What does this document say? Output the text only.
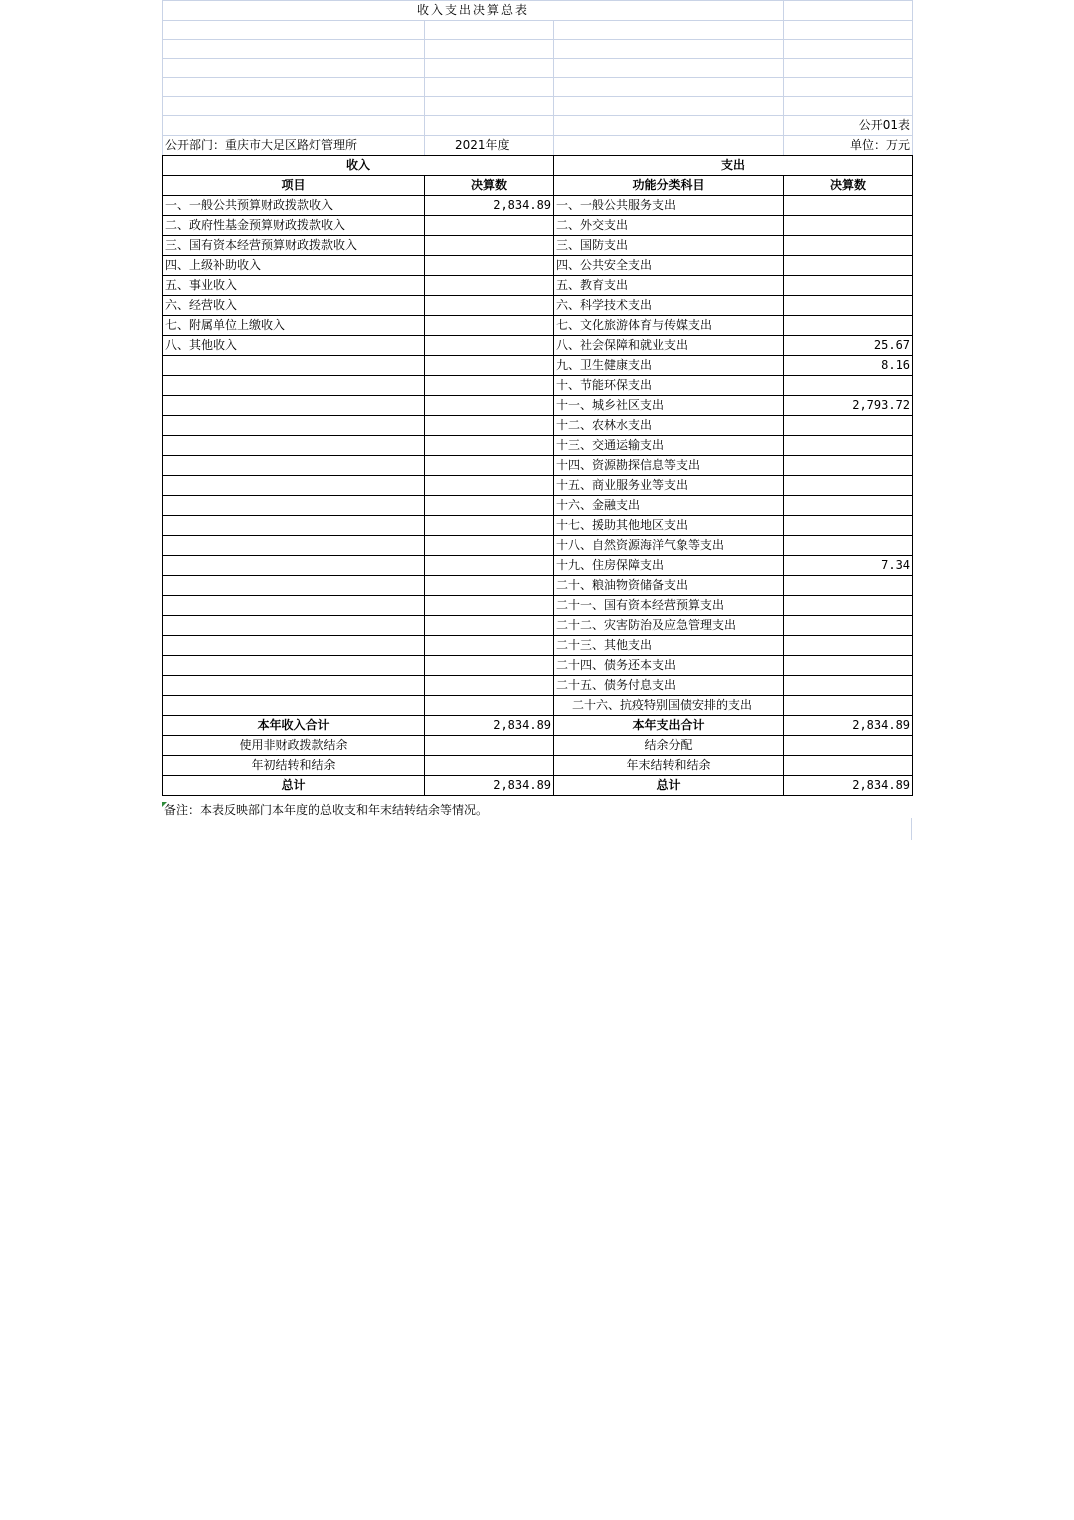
收入支出决算总表			

			公开01表
公开部门：重庆市大足区路灯管理所	2021年度		单位：万元
收入		支出	
项目	决算数	功能分类科目	决算数
一、一般公共预算财政拨款收入	2,834.89	一、一般公共服务支出	
二、政府性基金预算财政拨款收入		二、外交支出	
三、国有资本经营预算财政拨款收入		三、国防支出	
四、上级补助收入		四、公共安全支出	
五、事业收入		五、教育支出	
六、经营收入		六、科学技术支出	
七、附属单位上缴收入		七、文化旅游体育与传媒支出	
八、其他收入		八、社会保障和就业支出	25.67
		九、卫生健康支出	8.16
		十、节能环保支出	
		十一、城乡社区支出	2,793.72
		十二、农林水支出	
		十三、交通运输支出	
		十四、资源勘探信息等支出	
		十五、商业服务业等支出	
		十六、金融支出	
		十七、援助其他地区支出	
		十八、自然资源海洋气象等支出	
		十九、住房保障支出	7.34
		二十、粮油物资储备支出	
		二十一、国有资本经营预算支出	
		二十二、灾害防治及应急管理支出	
		二十三、其他支出	
		二十四、债务还本支出	
		二十五、债务付息支出	
		二十六、抗疫特别国债安排的支出	
本年收入合计	2,834.89	本年支出合计	2,834.89
使用非财政拨款结余		结余分配	
年初结转和结余		年末结转和结余	
总计	2,834.89	总计	2,834.89
备注：本表反映部门本年度的总收支和年末结转结余等情况。
